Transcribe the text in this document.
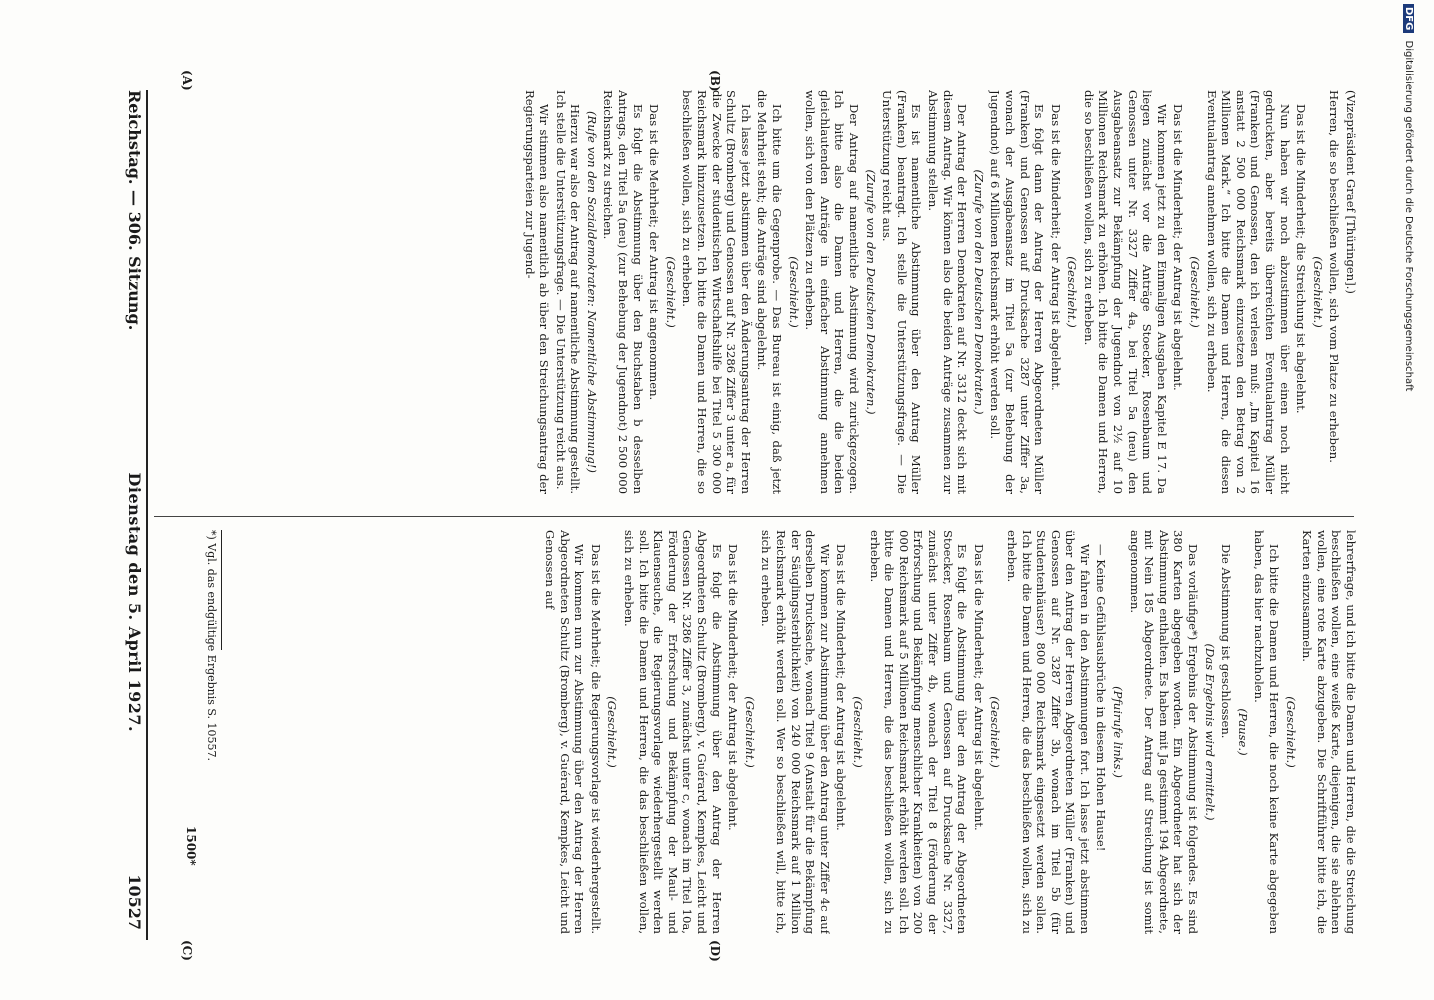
DFG Digitalisierung gefördert durch die Deutsche Forschungsgemeinschaft

(Vizepräsident Graef [Thüringen].)

Herren, die so beschließen wollen, sich vom Platze zu erheben.

(Geschieht.)

Das ist die Minderheit; die Streichung ist abgelehnt.

Nun haben wir noch abzustimmen über einen noch nicht gedruckten, aber bereits überreichten Eventualantrag Müller (Franken) und Genossen, den ich verlesen muß: „Im Kapitel 16 anstatt 2 500 000 Reichsmark einzusetzen den Betrag von 2 Millionen Mark.“ Ich bitte die Damen und Herren, die diesen Eventualantrag annehmen wollen, sich zu erheben.

(Geschieht.)

Das ist die Minderheit; der Antrag ist abgelehnt.

Wir kommen jetzt zu den Einmaligen Ausgaben Kapitel E 17. Da liegen zunächst vor die Anträge Stoecker, Rosenbaum und Genossen unter Nr. 3327 Ziffer 4a, bei Titel 5a (neu) den Ausgabeansatz zur Bekämpfung der Jugendnot von 2½ auf 10 Millionen Reichsmark zu erhöhen. Ich bitte die Damen und Herren, die so beschließen wollen, sich zu erheben.

(Geschieht.)

Das ist die Minderheit; der Antrag ist abgelehnt.

Es folgt dann der Antrag der Herren Abgeordneten Müller (Franken) und Genossen auf Drucksache 3287 unter Ziffer 3a, wonach der Ausgabeansatz im Titel 5a (zur Behebung der Jugendnot) auf 6 Millionen Reichsmark erhöht werden soll.

(Zurufe von den Deutschen Demokraten.)

Der Antrag der Herren Demokraten auf Nr. 3312 deckt sich mit diesem Antrag. Wir können also die beiden Anträge zusammen zur Abstimmung stellen.

Es ist namentliche Abstimmung über den Antrag Müller (Franken) beantragt. Ich stelle die Unterstützungsfrage. — Die Unterstützung reicht aus.

(Zurufe von den Deutschen Demokraten.)

Der Antrag auf namentliche Abstimmung wird zurückgezogen. Ich bitte also die Damen und Herren, die die beiden gleichlautenden Anträge in einfacher Abstimmung annehmen wollen, sich von den Plätzen zu erheben.

(Geschieht.)

Ich bitte um die Gegenprobe. — Das Bureau ist einig, daß jetzt die Mehrheit steht; die Anträge sind abgelehnt.

Ich lasse jetzt abstimmen über den Änderungsantrag der Herren Schultz (Bromberg) und Genossen auf Nr. 3286 Ziffer 3 unter a, für die Zwecke der studentischen Wirtschaftshilfe bei Titel 5 300 000 Reichsmark hinzuzusetzen. Ich bitte die Damen und Herren, die so beschließen wollen, sich zu erheben.

(Geschieht.)

Das ist die Mehrheit; der Antrag ist angenommen.

Es folgt die Abstimmung über den Buchstaben b desselben Antrags, den Titel 5a (neu) (zur Behebung der Jugendnot) 2 500 000 Reichsmark zu streichen.

(Rufe von den Sozialdemokraten: Namentliche Abstimmung!)

Hierzu war also der Antrag auf namentliche Abstimmung gestellt. Ich stelle die Unterstützungsfrage. — Die Unterstützung reicht aus.

Wir stimmen also namentlich ab über den Streichungsantrag der Regierungsparteien zur Jugend-

lehrerfrage, und ich bitte die Damen und Herren, die die Streichung beschließen wollen, eine weiße Karte, diejenigen, die sie ablehnen wollen, eine rote Karte abzugeben. Die Schriftführer bitte ich, die Karten einzusammeln.

(Geschieht.)

Ich bitte die Damen und Herren, die noch keine Karte abgegeben haben, das hier nachzuholen.

(Pause.)

Die Abstimmung ist geschlossen.

(Das Ergebnis wird ermittelt.)

Das vorläufige*) Ergebnis der Abstimmung ist folgendes. Es sind 380 Karten abgegeben worden. Ein Abgeordneter hat sich der Abstimmung enthalten. Es haben mit Ja gestimmt 194 Abgeordnete, mit Nein 185 Abgeordnete. Der Antrag auf Streichung ist somit angenommen.

(Pfuirufe links.)

— Keine Gefühlsausbrüche in diesem Hohen Hause!

Wir fahren in den Abstimmungen fort. Ich lasse jetzt abstimmen über den Antrag der Herren Abgeordneten Müller (Franken) und Genossen auf Nr. 3287 Ziffer 3b, wonach im Titel 5b (für Studentenhäuser) 800 000 Reichsmark eingesetzt werden sollen. Ich bitte die Damen und Herren, die das beschließen wollen, sich zu erheben.

(Geschieht.)

Das ist die Minderheit; der Antrag ist abgelehnt.

Es folgt die Abstimmung über den Antrag der Abgeordneten Stoecker, Rosenbaum und Genossen auf Drucksache Nr. 3327, zunächst unter Ziffer 4b, wonach der Titel 8 (Förderung der Erforschung und Bekämpfung menschlicher Krankheiten) von 200 000 Reichsmark auf 5 Millionen Reichsmark erhöht werden soll. Ich bitte die Damen und Herren, die das beschließen wollen, sich zu erheben.

(Geschieht.)

Das ist die Minderheit; der Antrag ist abgelehnt.

Wir kommen zur Abstimmung über den Antrag unter Ziffer 4c auf derselben Drucksache, wonach Titel 9 (Anstalt für die Bekämpfung der Säuglingssterblichkeit) von 240 000 Reichsmark auf 1 Million Reichsmark erhöht werden soll. Wer so beschließen will, bitte ich, sich zu erheben.

(Geschieht.)

Das ist die Minderheit; der Antrag ist abgelehnt.

Es folgt die Abstimmung über den Antrag der Herren Abgeordneten Schultz (Bromberg), v. Guérard, Kempkes, Leicht und Genossen Nr. 3286 Ziffer 3, zunächst unter c, wonach im Titel 10a, Förderung der Erforschung und Bekämpfung der Maul- und Klauenseuche, die Regierungsvorlage wiederhergestellt werden soll. Ich bitte die Damen und Herren, die das beschließen wollen, sich zu erheben.

(Geschieht.)

Das ist die Mehrheit; die Regierungsvorlage ist wiederhergestellt.

Wir kommen nun zur Abstimmung über den Antrag der Herren Abgeordneten Schultz (Bromberg), v. Guérard, Kempkes, Leicht und Genossen auf

(A)	(B)
(C)	(D)
*) Vgl. das endgültige Ergebnis S. 10557.
1500*
Reichstag. — 306. Sitzung.
Dienstag den 5. April 1927.
10527
